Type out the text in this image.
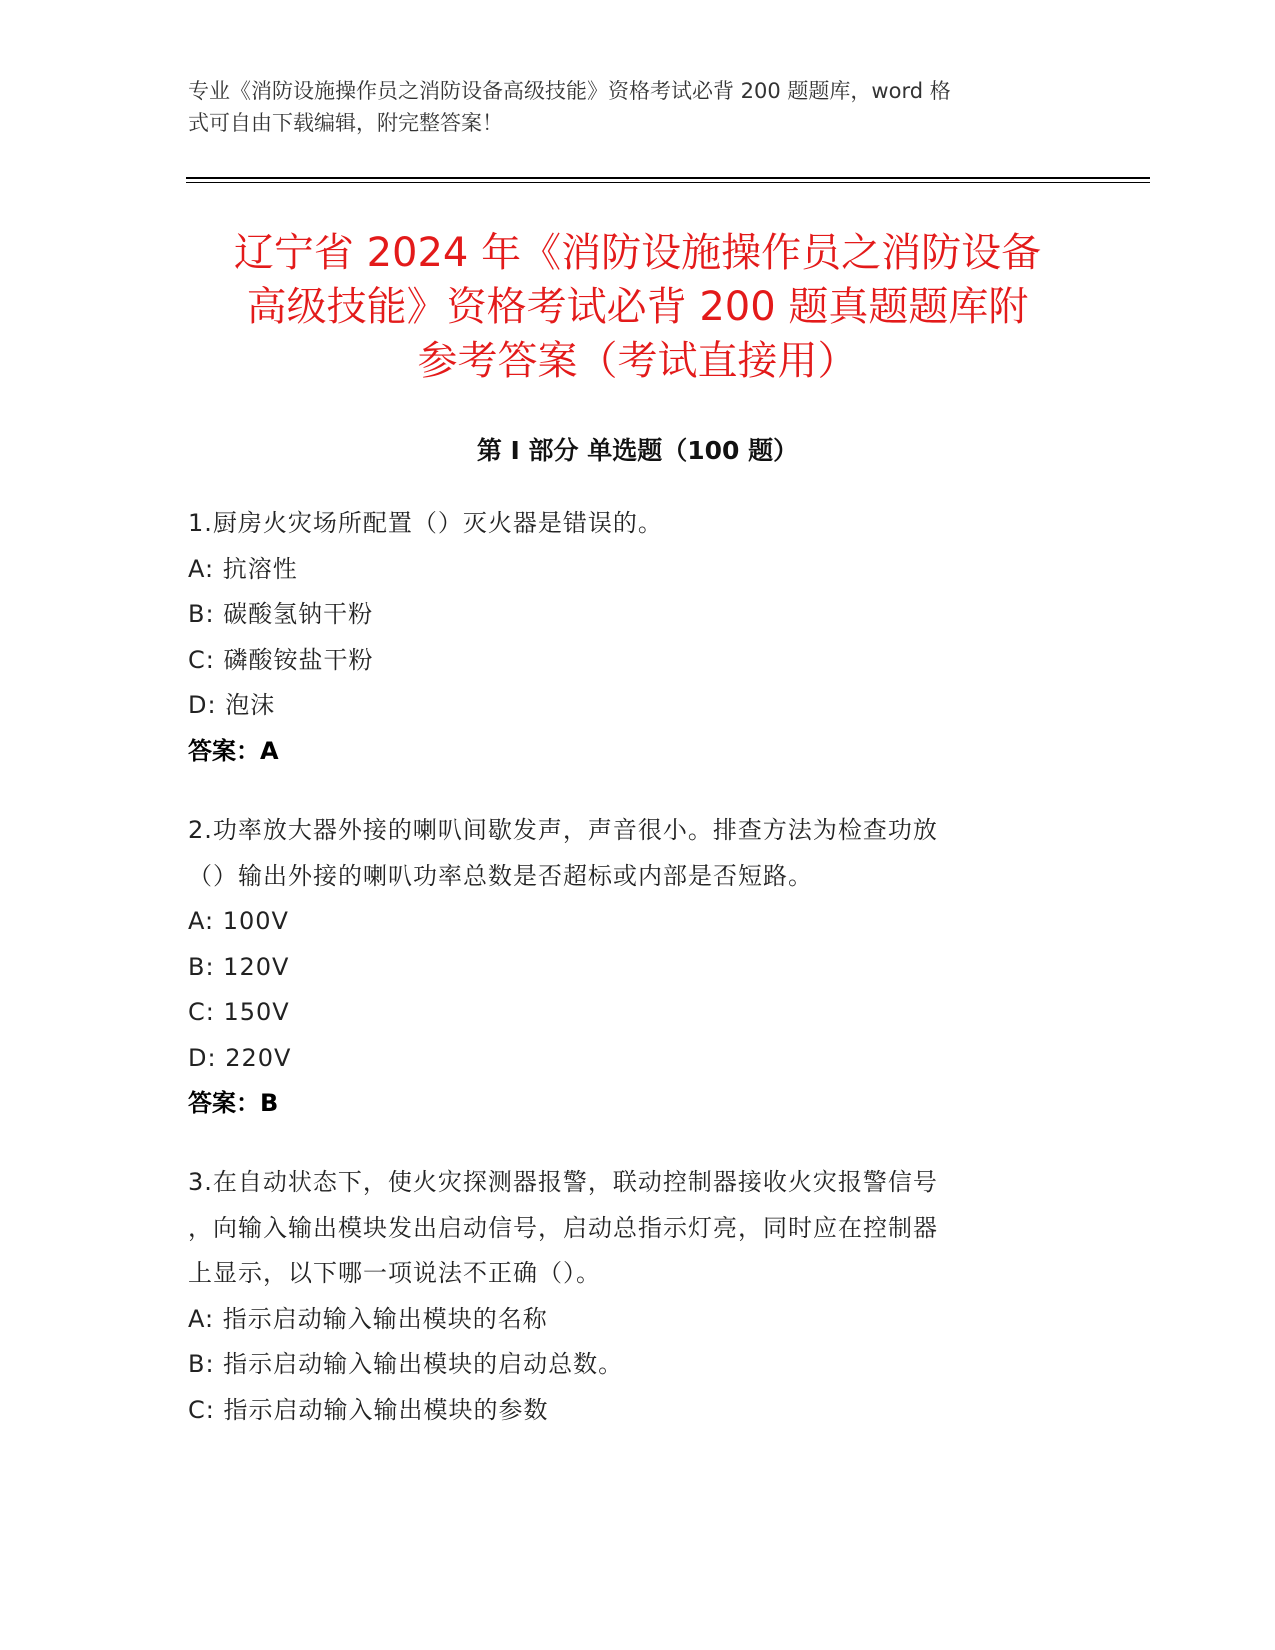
专业《消防设施操作员之消防设备高级技能》资格考试必背 200 题题库，word 格
式可自由下载编辑，附完整答案！
辽宁省 2024 年《消防设施操作员之消防设备
高级技能》资格考试必背 200 题真题题库附
参考答案（考试直接用）
第 I 部分 单选题（100 题）
1.厨房火灾场所配置（）灭火器是错误的。
A: 抗溶性
B: 碳酸氢钠干粉
C: 磷酸铵盐干粉
D: 泡沫
答案：A
2.功率放大器外接的喇叭间歇发声，声音很小。排查方法为检查功放
（）输出外接的喇叭功率总数是否超标或内部是否短路。
A: 100V
B: 120V
C: 150V
D: 220V
答案：B
3.在自动状态下，使火灾探测器报警，联动控制器接收火灾报警信号
，向输入输出模块发出启动信号，启动总指示灯亮，同时应在控制器
上显示，以下哪一项说法不正确（）。
A: 指示启动输入输出模块的名称
B: 指示启动输入输出模块的启动总数。
C: 指示启动输入输出模块的参数
